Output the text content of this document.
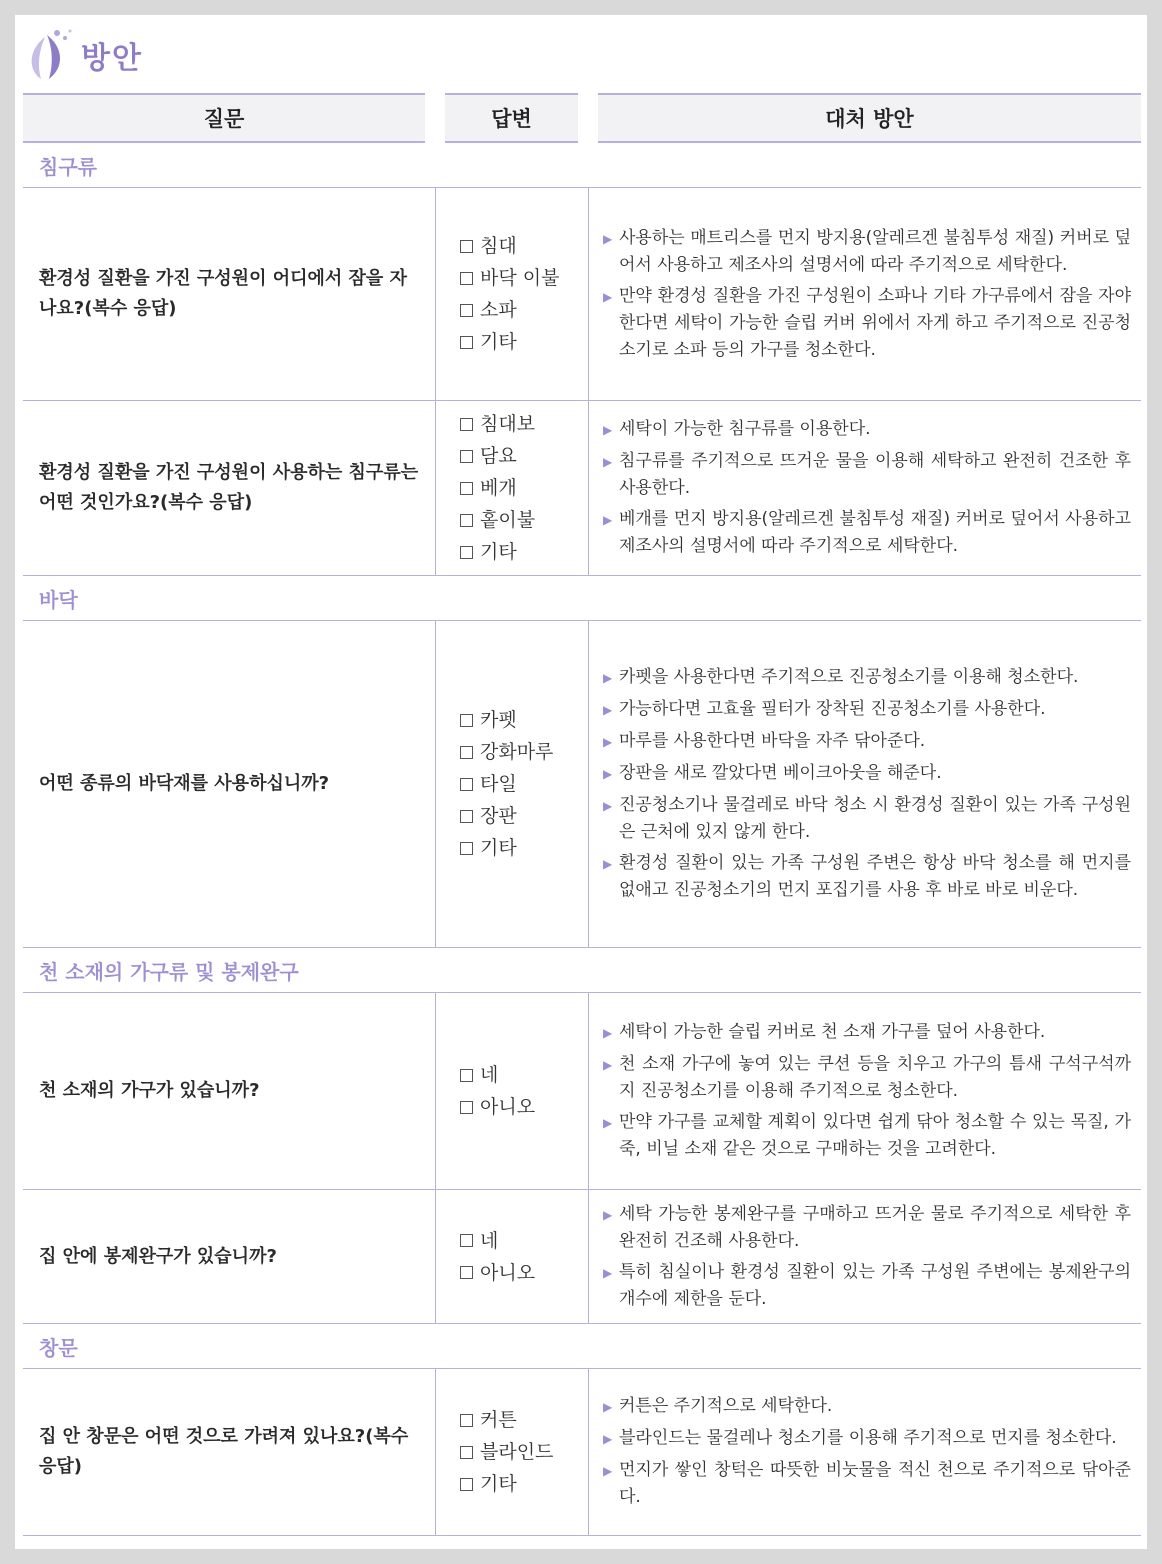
방안
질문	답변	대처 방안
침구류
환경성 질환을 가진 구성원이 어디에서 잠을 자나요?(복수 응답)
침대
바닥 이불
소파
기타
▶ 사용하는 매트리스를 먼지 방지용(알레르겐 불침투성 재질) 커버로 덮어서 사용하고 제조사의 설명서에 따라 주기적으로 세탁한다.
▶ 만약 환경성 질환을 가진 구성원이 소파나 기타 가구류에서 잠을 자야 한다면 세탁이 가능한 슬립 커버 위에서 자게 하고 주기적으로 진공청소기로 소파 등의 가구를 청소한다.
환경성 질환을 가진 구성원이 사용하는 침구류는 어떤 것인가요?(복수 응답)
침대보
담요
베개
홑이불
기타
▶ 세탁이 가능한 침구류를 이용한다.
▶ 침구류를 주기적으로 뜨거운 물을 이용해 세탁하고 완전히 건조한 후 사용한다.
▶ 베개를 먼지 방지용(알레르겐 불침투성 재질) 커버로 덮어서 사용하고 제조사의 설명서에 따라 주기적으로 세탁한다.
바닥
어떤 종류의 바닥재를 사용하십니까?
카펫
강화마루
타일
장판
기타
▶ 카펫을 사용한다면 주기적으로 진공청소기를 이용해 청소한다.
▶ 가능하다면 고효율 필터가 장착된 진공청소기를 사용한다.
▶ 마루를 사용한다면 바닥을 자주 닦아준다.
▶ 장판을 새로 깔았다면 베이크아웃을 해준다.
▶ 진공청소기나 물걸레로 바닥 청소 시 환경성 질환이 있는 가족 구성원은 근처에 있지 않게 한다.
▶ 환경성 질환이 있는 가족 구성원 주변은 항상 바닥 청소를 해 먼지를 없애고 진공청소기의 먼지 포집기를 사용 후 바로 바로 비운다.
천 소재의 가구류 및 봉제완구
천 소재의 가구가 있습니까?
네
아니오
▶ 세탁이 가능한 슬립 커버로 천 소재 가구를 덮어 사용한다.
▶ 천 소재 가구에 놓여 있는 쿠션 등을 치우고 가구의 틈새 구석구석까지 진공청소기를 이용해 주기적으로 청소한다.
▶ 만약 가구를 교체할 계획이 있다면 쉽게 닦아 청소할 수 있는 목질, 가죽, 비닐 소재 같은 것으로 구매하는 것을 고려한다.
집 안에 봉제완구가 있습니까?
네
아니오
▶ 세탁 가능한 봉제완구를 구매하고 뜨거운 물로 주기적으로 세탁한 후 완전히 건조해 사용한다.
▶ 특히 침실이나 환경성 질환이 있는 가족 구성원 주변에는 봉제완구의 개수에 제한을 둔다.
창문
집 안 창문은 어떤 것으로 가려져 있나요?(복수 응답)
커튼
블라인드
기타
▶ 커튼은 주기적으로 세탁한다.
▶ 블라인드는 물걸레나 청소기를 이용해 주기적으로 먼지를 청소한다.
▶ 먼지가 쌓인 창턱은 따뜻한 비눗물을 적신 천으로 주기적으로 닦아준다.
